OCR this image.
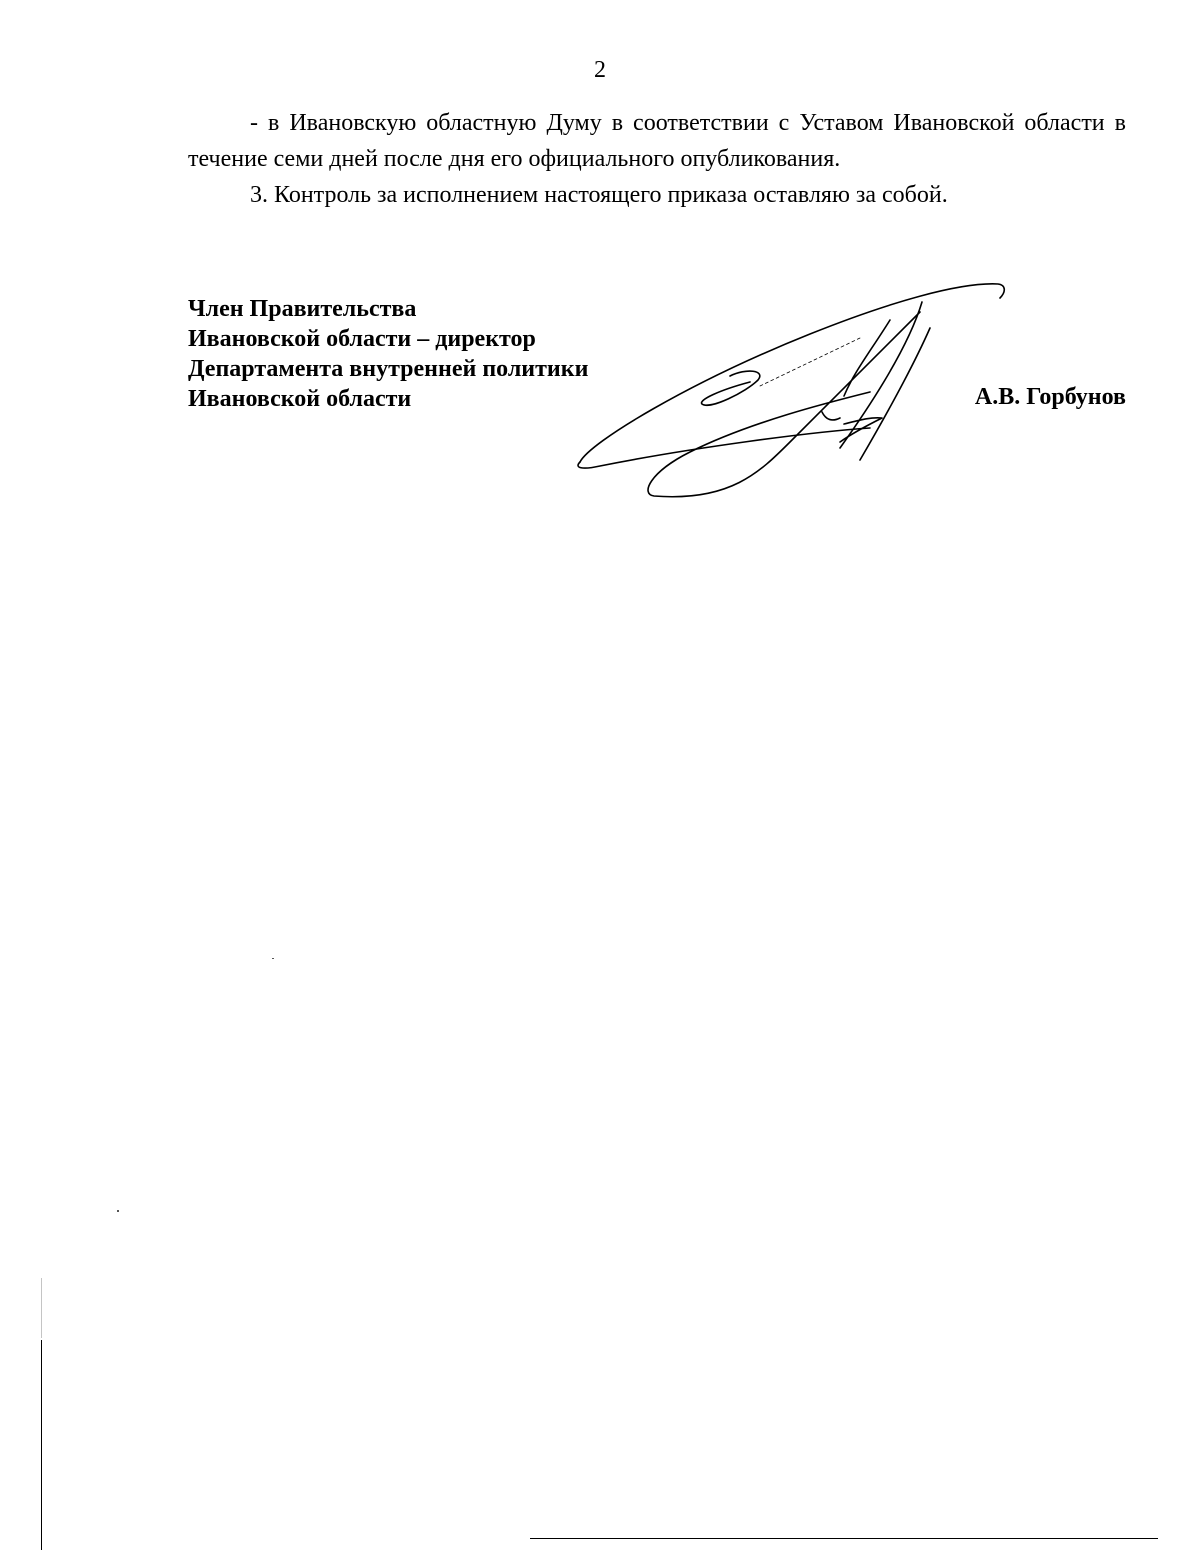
2

- в Ивановскую областную Думу в соответствии с Уставом Ивановской области в течение семи дней после дня его официального опубликования.

3. Контроль за исполнением настоящего приказа оставляю за собой.

Член Правительства
Ивановской области – директор
Департамента внутренней политики
Ивановской области	А.В. Горбунов
